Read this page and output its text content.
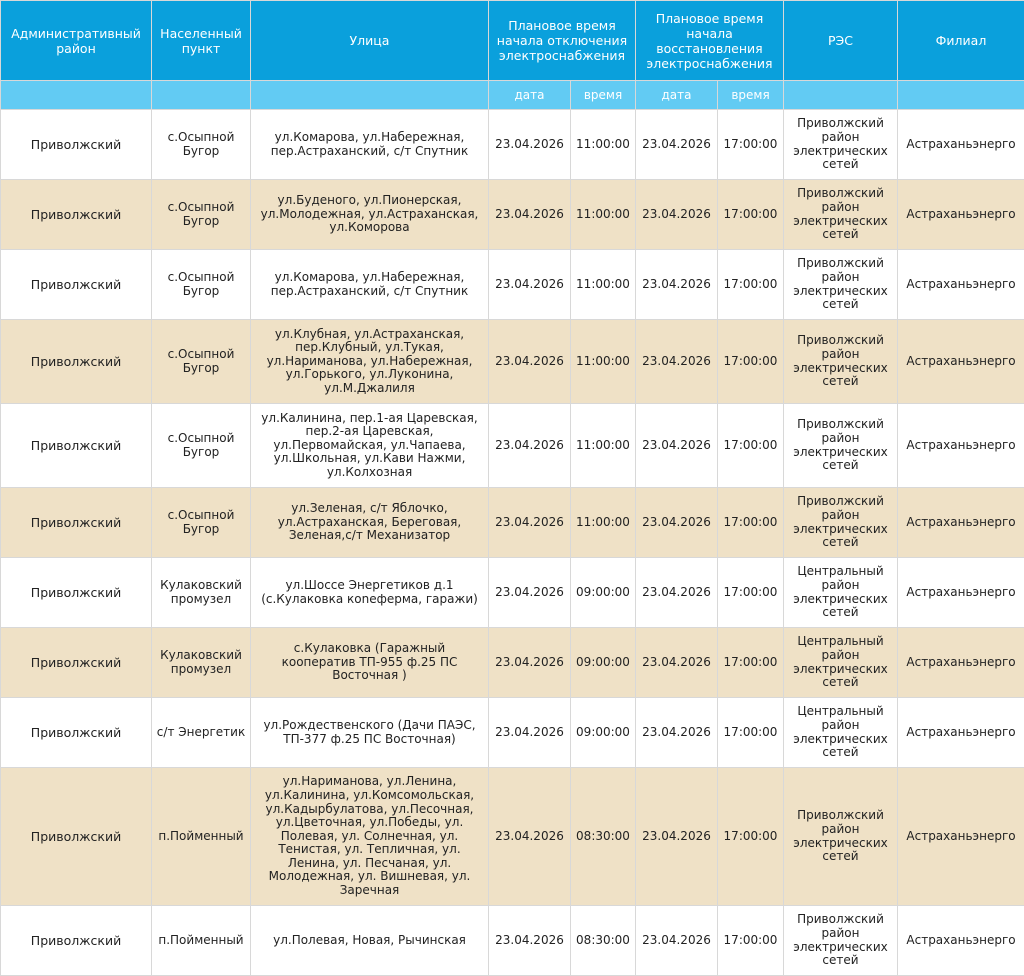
Административный район	Населенный пункт	Улица	Плановое время начала отключения электроснабжения		Плановое время начала восстановления электроснабжения		РЭС	Филиал
			дата	время	дата	время		
Приволжский	с.Осыпной Бугор	ул.Комарова, ул.Набережная, пер.Астраханский, с/т Спутник	23.04.2026	11:00:00	23.04.2026	17:00:00	Приволжский район электрических сетей	Астраханьэнерго
Приволжский	с.Осыпной Бугор	ул.Буденого, ул.Пионерская, ул.Молодежная, ул.Астраханская, ул.Коморова	23.04.2026	11:00:00	23.04.2026	17:00:00	Приволжский район электрических сетей	Астраханьэнерго
Приволжский	с.Осыпной Бугор	ул.Комарова, ул.Набережная, пер.Астраханский, с/т Спутник	23.04.2026	11:00:00	23.04.2026	17:00:00	Приволжский район электрических сетей	Астраханьэнерго
Приволжский	с.Осыпной Бугор	ул.Клубная, ул.Астраханская, пер.Клубный, ул.Тукая, ул.Нариманова, ул.Набережная, ул.Горького, ул.Луконина, ул.М.Джалиля	23.04.2026	11:00:00	23.04.2026	17:00:00	Приволжский район электрических сетей	Астраханьэнерго
Приволжский	с.Осыпной Бугор	ул.Калинина, пер.1-ая Царевская, пер.2-ая Царевская, ул.Первомайская, ул.Чапаева, ул.Школьная, ул.Кави Нажми, ул.Колхозная	23.04.2026	11:00:00	23.04.2026	17:00:00	Приволжский район электрических сетей	Астраханьэнерго
Приволжский	с.Осыпной Бугор	ул.Зеленая, с/т Яблочко, ул.Астраханская, Береговая, Зеленая,с/т Механизатор	23.04.2026	11:00:00	23.04.2026	17:00:00	Приволжский район электрических сетей	Астраханьэнерго
Приволжский	Кулаковский промузел	ул.Шоссе Энергетиков д.1 (с.Кулаковка коneферма, гаражи)	23.04.2026	09:00:00	23.04.2026	17:00:00	Центральный район электрических сетей	Астраханьэнерго
Приволжский	Кулаковский промузел	с.Кулаковка (Гаражный кооператив ТП-955 ф.25 ПС Восточная )	23.04.2026	09:00:00	23.04.2026	17:00:00	Центральный район электрических сетей	Астраханьэнерго
Приволжский	с/т Энергетик	ул.Рождественского (Дачи ПАЭС, ТП-377 ф.25 ПС Восточная)	23.04.2026	09:00:00	23.04.2026	17:00:00	Центральный район электрических сетей	Астраханьэнерго
Приволжский	п.Пойменный	ул.Нариманова, ул.Ленина, ул.Калинина, ул.Комсомольская, ул.Кадырбулатова, ул.Песочная, ул.Цветочная, ул.Победы, ул. Полевая, ул. Солнечная, ул. Тенистая, ул. Тепличная, ул. Ленина, ул. Песчаная, ул. Молодежная, ул. Вишневая, ул. Заречная	23.04.2026	08:30:00	23.04.2026	17:00:00	Приволжский район электрических сетей	Астраханьэнерго
Приволжский	п.Пойменный	ул.Полевая, Новая, Рычинская	23.04.2026	08:30:00	23.04.2026	17:00:00	Приволжский район электрических сетей	Астраханьэнерго
